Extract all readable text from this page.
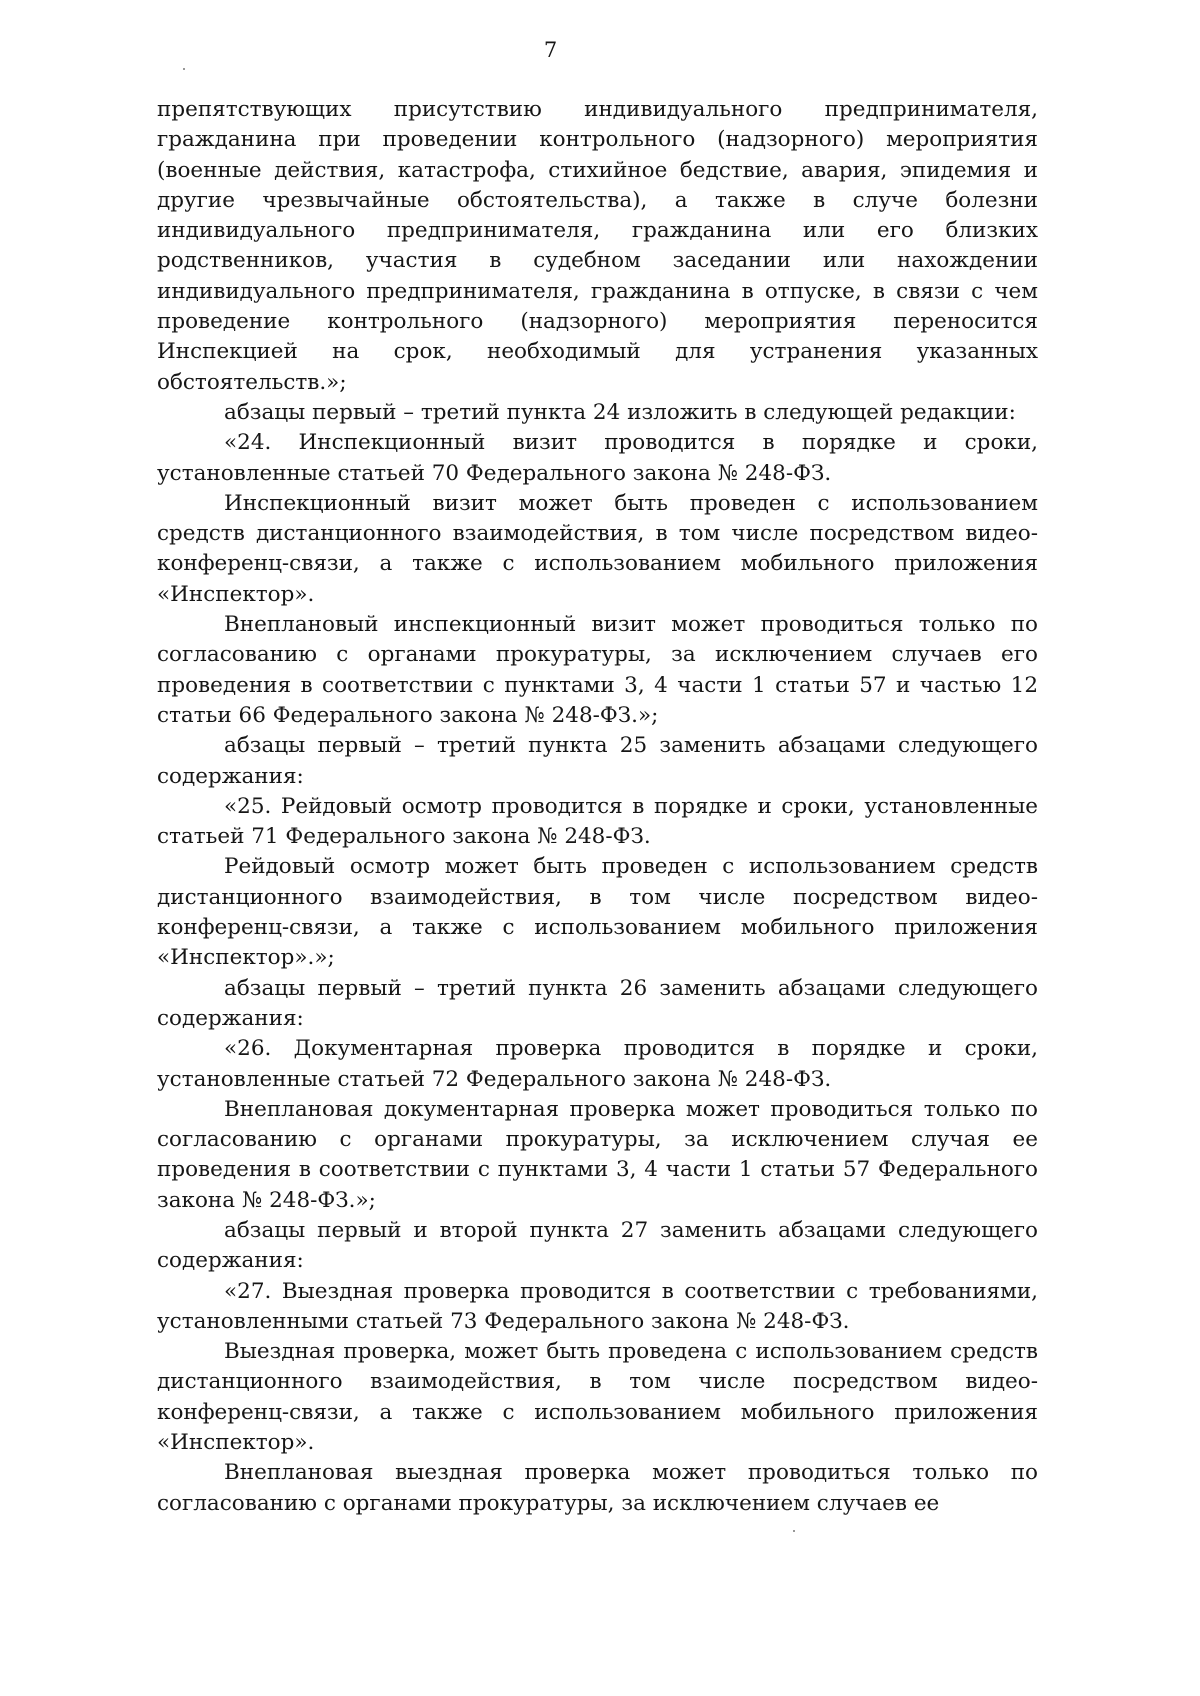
7

препятствующих присутствию индивидуального предпринимателя, гражданина при проведении контрольного (надзорного) мероприятия (военные действия, катастрофа, стихийное бедствие, авария, эпидемия и другие чрезвычайные обстоятельства), а также в случе болезни индивидуального предпринимателя, гражданина или его близких родственников, участия в судебном заседании или нахождении индивидуального предпринимателя, гражданина в отпуске, в связи с чем проведение контрольного (надзорного) мероприятия переносится Инспекцией на срок, необходимый для устранения указанных обстоятельств.»;

абзацы первый – третий пункта 24 изложить в следующей редакции:

«24. Инспекционный визит проводится в порядке и сроки, установленные статьей 70 Федерального закона № 248-ФЗ.

Инспекционный визит может быть проведен с использованием средств дистанционного взаимодействия, в том числе посредством видео-конференц-связи, а также с использованием мобильного приложения «Инспектор».

Внеплановый инспекционный визит может проводиться только по согласованию с органами прокуратуры, за исключением случаев его проведения в соответствии с пунктами 3, 4 части 1 статьи 57 и частью 12 статьи 66 Федерального закона № 248-ФЗ.»;

абзацы первый – третий пункта 25 заменить абзацами следующего содержания:

«25. Рейдовый осмотр проводится в порядке и сроки, установленные статьей 71 Федерального закона № 248-ФЗ.

Рейдовый осмотр может быть проведен с использованием средств дистанционного взаимодействия, в том числе посредством видео-конференц-связи, а также с использованием мобильного приложения «Инспектор».»;

абзацы первый – третий пункта 26 заменить абзацами следующего содержания:

«26. Документарная проверка проводится в порядке и сроки, установленные статьей 72 Федерального закона № 248-ФЗ.

Внеплановая документарная проверка может проводиться только по согласованию с органами прокуратуры, за исключением случая ее проведения в соответствии с пунктами 3, 4 части 1 статьи 57 Федерального закона № 248-ФЗ.»;

абзацы первый и второй пункта 27 заменить абзацами следующего содержания:

«27. Выездная проверка проводится в соответствии с требованиями, установленными статьей 73 Федерального закона № 248-ФЗ.

Выездная проверка, может быть проведена с использованием средств дистанционного взаимодействия, в том числе посредством видео-конференц-связи, а также с использованием мобильного приложения «Инспектор».

Внеплановая выездная проверка может проводиться только по согласованию с органами прокуратуры, за исключением случаев ее
